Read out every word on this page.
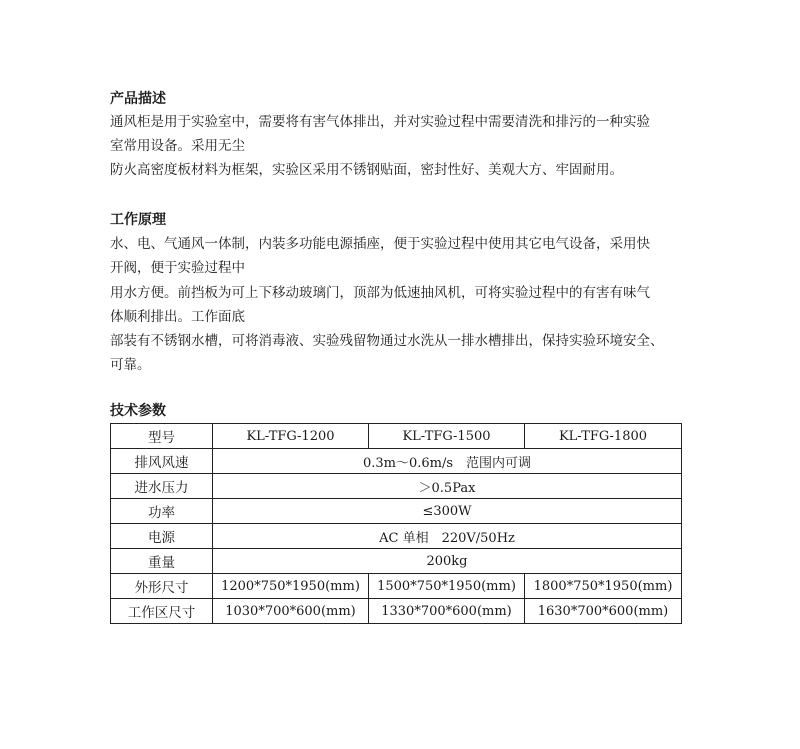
产品描述

通风柜是用于实验室中，需要将有害气体排出，并对实验过程中需要清洗和排污的一种实验

室常用设备。采用无尘

防火高密度板材料为框架，实验区采用不锈钢贴面，密封性好、美观大方、牢固耐用。

工作原理

水、电、气通风一体制，内装多功能电源插座，便于实验过程中使用其它电气设备，采用快

开阀，便于实验过程中

用水方便。前挡板为可上下移动玻璃门，顶部为低速抽风机，可将实验过程中的有害有味气

体顺利排出。工作面底

部装有不锈钢水槽，可将消毒液、实验残留物通过水洗从一排水槽排出，保持实验环境安全、

可靠。

技术参数
型号	KL-TFG-1200	KL-TFG-1500	KL-TFG-1800
排风风速	0.3m～0.6m/s　范围内可调		
进水压力	＞0.5Pax		
功率	≤300W		
电源	AC 单相　220V/50Hz		
重量	200kg		
外形尺寸	1200*750*1950(mm)	1500*750*1950(mm)	1800*750*1950(mm)
工作区尺寸	1030*700*600(mm)	1330*700*600(mm)	1630*700*600(mm)
